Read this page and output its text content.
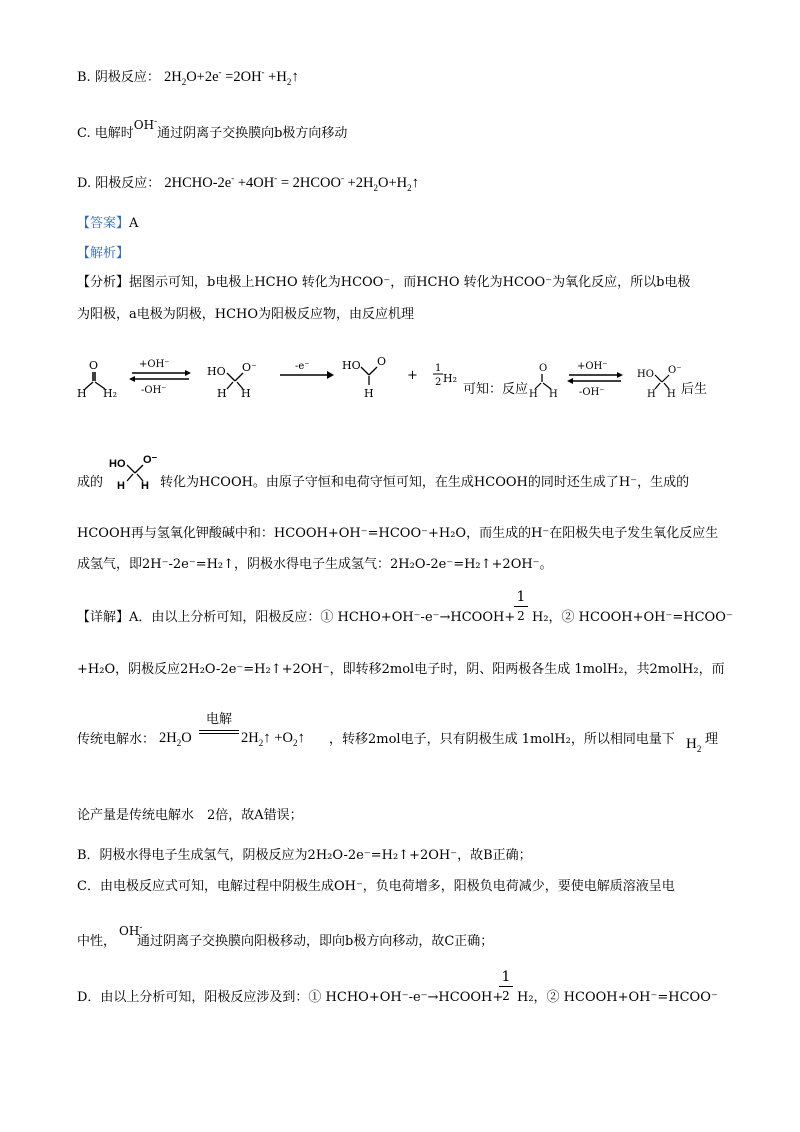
B. 阴极反应： $2H_2O+2e^- =2OH^-$ $+H_2↑$
C. 电解时OH-通过阴离子交换膜向b极方向移动
D. 阳极反应： 2HCHO-2e- +4OH- = 2HCOO- $+2H_2O+H_2↑$
【答案】A
【解析】
【分析】据图示可知，b电极上HCHO 转化为HCOO⁻，而HCHO 转化为HCOO⁻为氧化反应，所以b电极
为阳极，a电极为阴极，HCHO为阳极反应物，由反应机理
O
H H₂
+OH⁻
-OH⁻
HO O⁻
H H
-e⁻	HO O
H
+ 1
2 H₂
可知：反应
O
H H
+OH⁻
-OH⁻
HO O⁻
H H 后生
成的
HO O⁻
H H 转化为HCOOH。由原子守恒和电荷守恒可知，在生成HCOOH的同时还生成了H⁻，生成的
HCOOH再与氢氧化钾酸碱中和：HCOOH+OH⁻=HCOO⁻+H₂O，而生成的H⁻在阳极失电子发生氧化反应生
成氢气，即2H⁻-2e⁻=H₂↑，阴极水得电子生成氢气：2H₂O-2e⁻=H₂↑+2OH⁻。
【详解】A．由以上分析可知，阳极反应：① HCHO+OH⁻-e⁻→HCOOH+
1
2 H₂，② HCOOH+OH⁻=HCOO⁻
+H₂O，阴极反应2H₂O-2e⁻=H₂↑+2OH⁻，即转移2mol电子时，阴、阳两极各生成 1molH₂，共2molH₂，而
传统电解水： $2H_2O$
电解
$2H_2↑$ $+O_2↑$ ，转移2mol电子，只有阴极生成 1molH₂，所以相同电量下 $H_2$
理
论产量是传统电解水　2倍，故A错误；
B．阴极水得电子生成氢气，阴极反应为2H₂O-2e⁻=H₂↑+2OH⁻，故B正确；
C．由电极反应式可知，电解过程中阴极生成OH⁻，负电荷增多，阳极负电荷减少，要使电解质溶液呈电
中性，
OH-
通过阴离子交换膜向阳极移动，即向b极方向移动，故C正确；
D．由以上分析可知，阳极反应涉及到：① HCHO+OH⁻-e⁻→HCOOH+
1
2 H₂，② HCOOH+OH⁻=HCOO⁻
